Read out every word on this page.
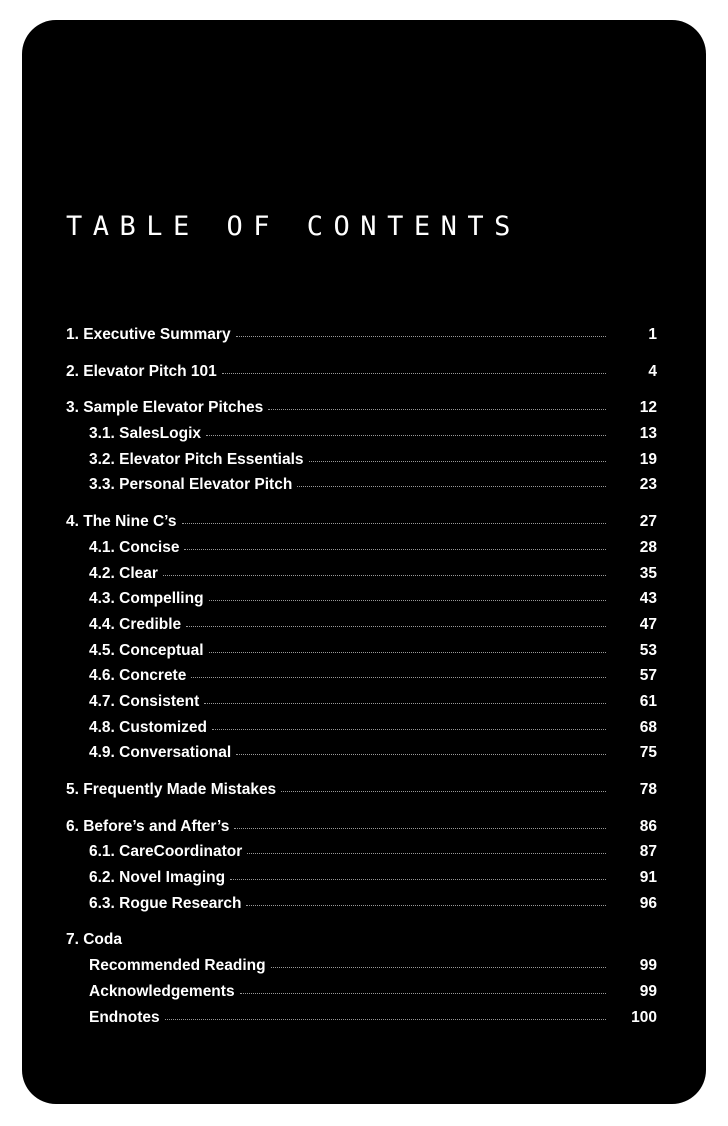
TABLE OF CONTENTS
1. Executive Summary	1
2. Elevator Pitch 101	4
3. Sample Elevator Pitches	12
3.1. SalesLogix	13
3.2. Elevator Pitch Essentials	19
3.3. Personal Elevator Pitch	23
4. The Nine C’s	27
4.1. Concise	28
4.2. Clear	35
4.3. Compelling	43
4.4. Credible	47
4.5. Conceptual	53
4.6. Concrete	57
4.7. Consistent	61
4.8. Customized	68
4.9. Conversational	75
5. Frequently Made Mistakes	78
6. Before’s and After’s	86
6.1. CareCoordinator	87
6.2. Novel Imaging	91
6.3. Rogue Research	96
7. Coda
Recommended Reading	99
Acknowledgements	99
Endnotes	100
